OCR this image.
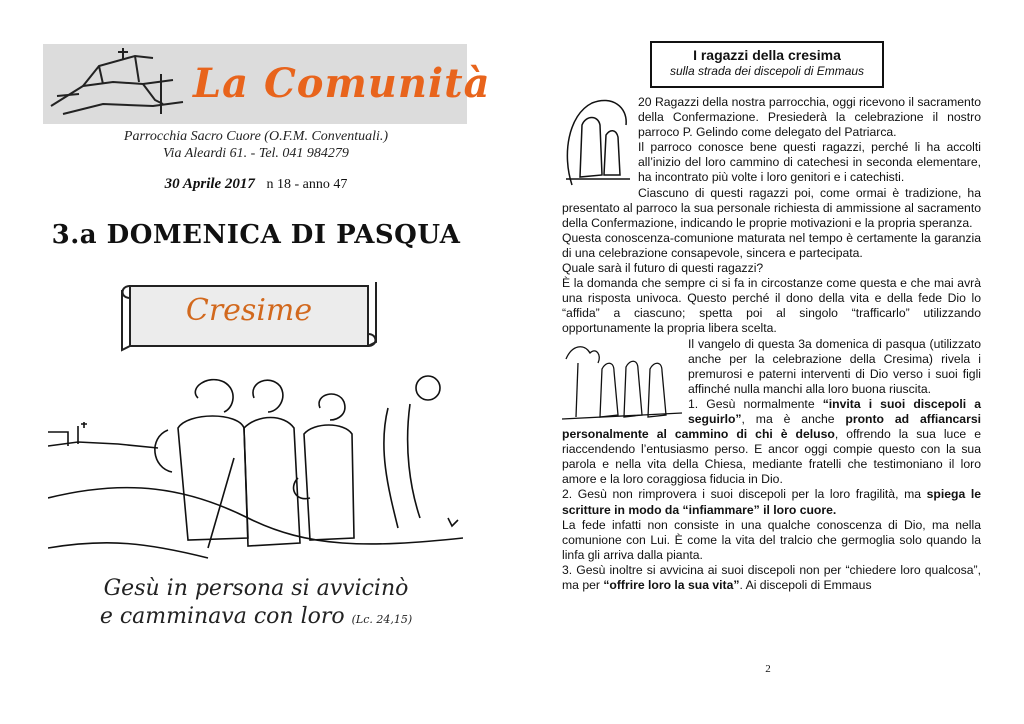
La Comunità
Parrocchia Sacro Cuore (O.F.M. Conventuali.)
Via Aleardi 61. - Tel. 041 984279
30 Aprile 2017 n 18 - anno 47
3.a DOMENICA DI PASQUA
Cresime
Gesù in persona si avvicinò
e camminava con loro (Lc. 24,15)
I ragazzi della cresima
sulla strada dei discepoli di Emmaus

20 Ragazzi della nostra parrocchia, oggi ricevono il sacramento della Confermazione. Presiederà la celebrazione il nostro parroco P. Gelindo come delegato del Patriarca.

Il parroco conosce bene questi ragazzi, perché li ha accolti all’inizio del loro cammino di catechesi in seconda elementare, ha incontrato più volte i loro genitori e i catechisti.

Ciascuno di questi ragazzi poi, come ormai è tradizione, ha presentato al parroco la sua personale richiesta di ammissione al sacramento della Confermazione, indicando le proprie motivazioni e la propria speranza.

Questa conoscenza-comunione maturata nel tempo è certamente la garanzia di una celebrazione consapevole, sincera e partecipata.

Quale sarà il futuro di questi ragazzi?

È la domanda che sempre ci si fa in circostanze come questa e che mai avrà una risposta univoca. Questo perché il dono della vita e della fede Dio lo “affida” a ciascuno; spetta poi al singolo “trafficarlo” utilizzando opportunamente la propria libera scelta.

Il vangelo di questa 3a domenica di pasqua (utilizzato anche per la celebrazione della Cresima) rivela i premurosi e paterni interventi di Dio verso i suoi figli affinché nulla manchi alla loro buona riuscita.

1. Gesù normalmente “invita i suoi discepoli a seguirlo”, ma è anche pronto ad affiancarsi personalmente al cammino di chi è deluso, offrendo la sua luce e riaccendendo l’entusiasmo perso. E ancor oggi compie questo con la sua parola e nella vita della Chiesa, mediante fratelli che testimoniano il loro amore e la loro coraggiosa fiducia in Dio.

2. Gesù non rimprovera i suoi discepoli per la loro fragilità, ma spiega le scritture in modo da “infiammare” il loro cuore.

La fede infatti non consiste in una qualche conoscenza di Dio, ma nella comunione con Lui. È come la vita del tralcio che germoglia solo quando la linfa gli arriva dalla pianta.

3. Gesù inoltre si avvicina ai suoi discepoli non per “chiedere loro qualcosa”, ma per “offrire loro la sua vita”. Ai discepoli di Emmaus

2
